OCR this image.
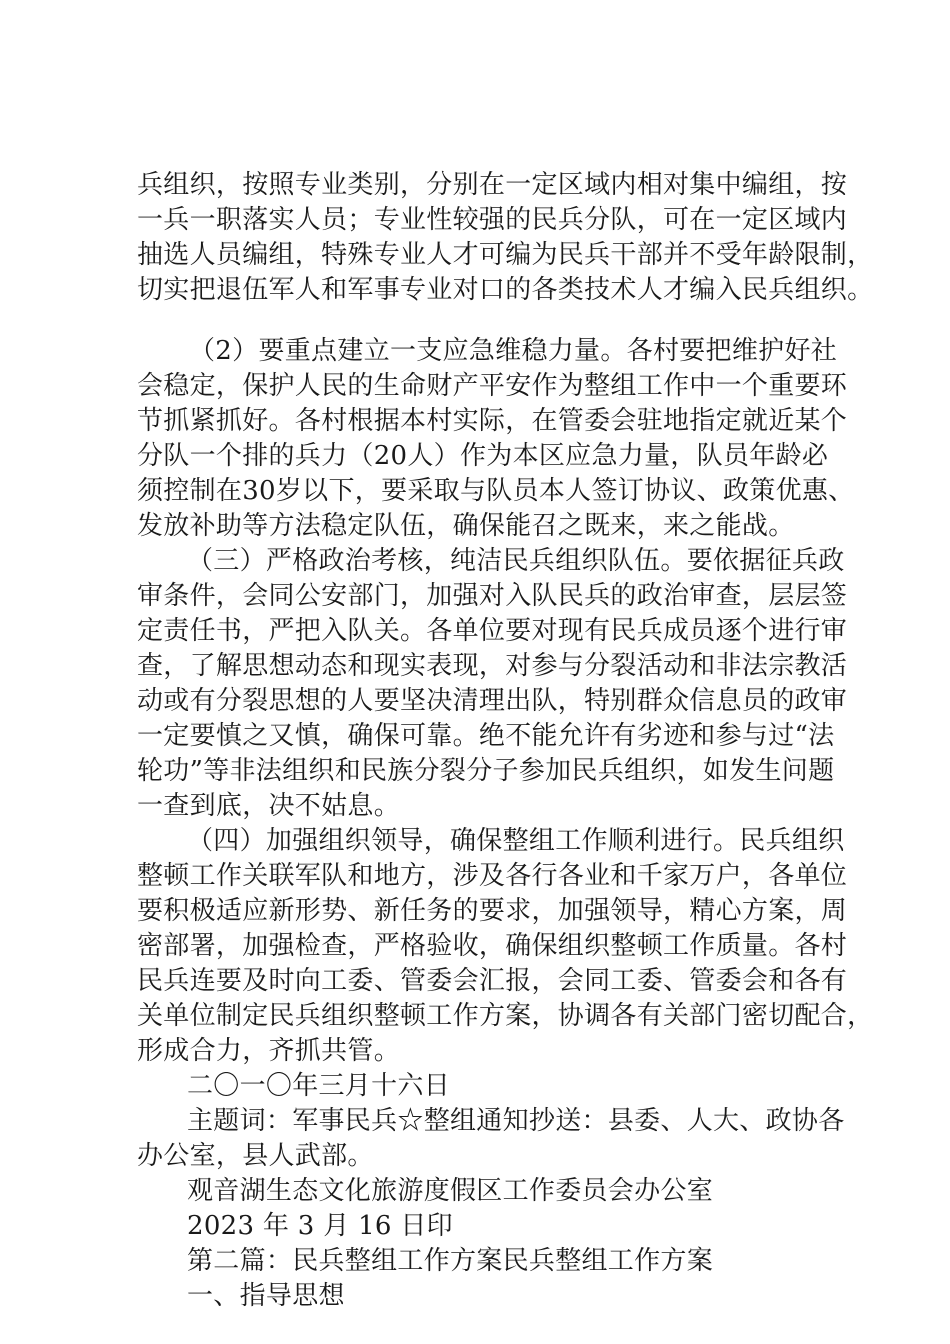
兵组织，按照专业类别，分别在一定区域内相对集中编组，按
一兵一职落实人员；专业性较强的民兵分队，可在一定区域内
抽选人员编组，特殊专业人才可编为民兵干部并不受年龄限制，
切实把退伍军人和军事专业对口的各类技术人才编入民兵组织。
（2）要重点建立一支应急维稳力量。各村要把维护好社
会稳定，保护人民的生命财产平安作为整组工作中一个重要环
节抓紧抓好。各村根据本村实际，在管委会驻地指定就近某个
分队一个排的兵力（20人）作为本区应急力量，队员年龄必
须控制在30岁以下，要采取与队员本人签订协议、政策优惠、
发放补助等方法稳定队伍，确保能召之既来，来之能战。
（三）严格政治考核，纯洁民兵组织队伍。要依据征兵政
审条件，会同公安部门，加强对入队民兵的政治审查，层层签
定责任书，严把入队关。各单位要对现有民兵成员逐个进行审
查，了解思想动态和现实表现，对参与分裂活动和非法宗教活
动或有分裂思想的人要坚决清理出队，特别群众信息员的政审
一定要慎之又慎，确保可靠。绝不能允许有劣迹和参与过“法
轮功”等非法组织和民族分裂分子参加民兵组织，如发生问题
一查到底，决不姑息。
（四）加强组织领导，确保整组工作顺利进行。民兵组织
整顿工作关联军队和地方，涉及各行各业和千家万户，各单位
要积极适应新形势、新任务的要求，加强领导，精心方案，周
密部署，加强检查，严格验收，确保组织整顿工作质量。各村
民兵连要及时向工委、管委会汇报，会同工委、管委会和各有
关单位制定民兵组织整顿工作方案，协调各有关部门密切配合，
形成合力，齐抓共管。
二〇一〇年三月十六日
主题词：军事民兵☆整组通知抄送：县委、人大、政协各
办公室，县人武部。
观音湖生态文化旅游度假区工作委员会办公室
2023 年 3 月 16 日印
第二篇：民兵整组工作方案民兵整组工作方案
一、指导思想
